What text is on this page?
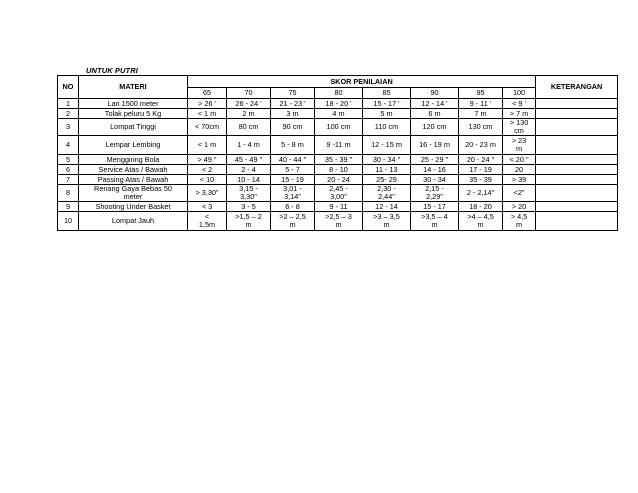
UNTUK PUTRI
NO	MATERI	SKOR PENILAIAN								KETERANGAN
		65	70	75	80	85	90	95	100	
1	Lari 1500 meter	> 26 '	26 - 24 '	21 - 23 '	18 - 20 '	15 - 17 '	12 - 14 '	9 - 11 '	< 9 '	
2	Tolak peluru 5 Kg	< 1 m	2 m	3 m	4 m	5 m	6 m	7 m	> 7 m	
3	Lompat Tinggi	< 70cm	80 cm	90 cm	100 cm	110 cm	120 cm	130 cm	> 130
cm	
4	Lempar Lembing	< 1 m	1 - 4 m	5 - 8 m	9 -11 m	12 - 15 m	16 - 19 m	20 - 23 m	> 23
m	
5	Menggiring Bola	> 49 "	45 - 49 "	40 - 44 "	35 - 39 "	30 - 34 "	25 - 29 "	20 - 24 "	< 20 "	
6	Service Atas / Bawah	< 2	2 - 4	5 - 7	8 - 10	11 - 13	14 - 16	17 - 19	20	
7	Passing Atas / Bawah	< 10	10 - 14	15 - 19	20 - 24	25- 29	30 - 34	35 - 39	> 39	
8	Renang Gaya Bebas 50
meter	> 3,30"	3,15 -
3,30"	3,01 -
3,14"	2,45 -
3,00"	2,30 -
2,44"	2,15 -
2,29"	2 - 2,14"	<2"	
9	Shooting Under Basket	< 3	3 - 5	6 - 8	9 - 11	12 - 14	15 - 17	18 - 20	> 20	
10	Lompat Jauh	<
1,5m	>1,5 – 2
m	>2 – 2,5
m	>2,5 – 3
m	>3 – 3,5
m	>3,5 – 4
m	>4 – 4,5
m	> 4,5
m	
